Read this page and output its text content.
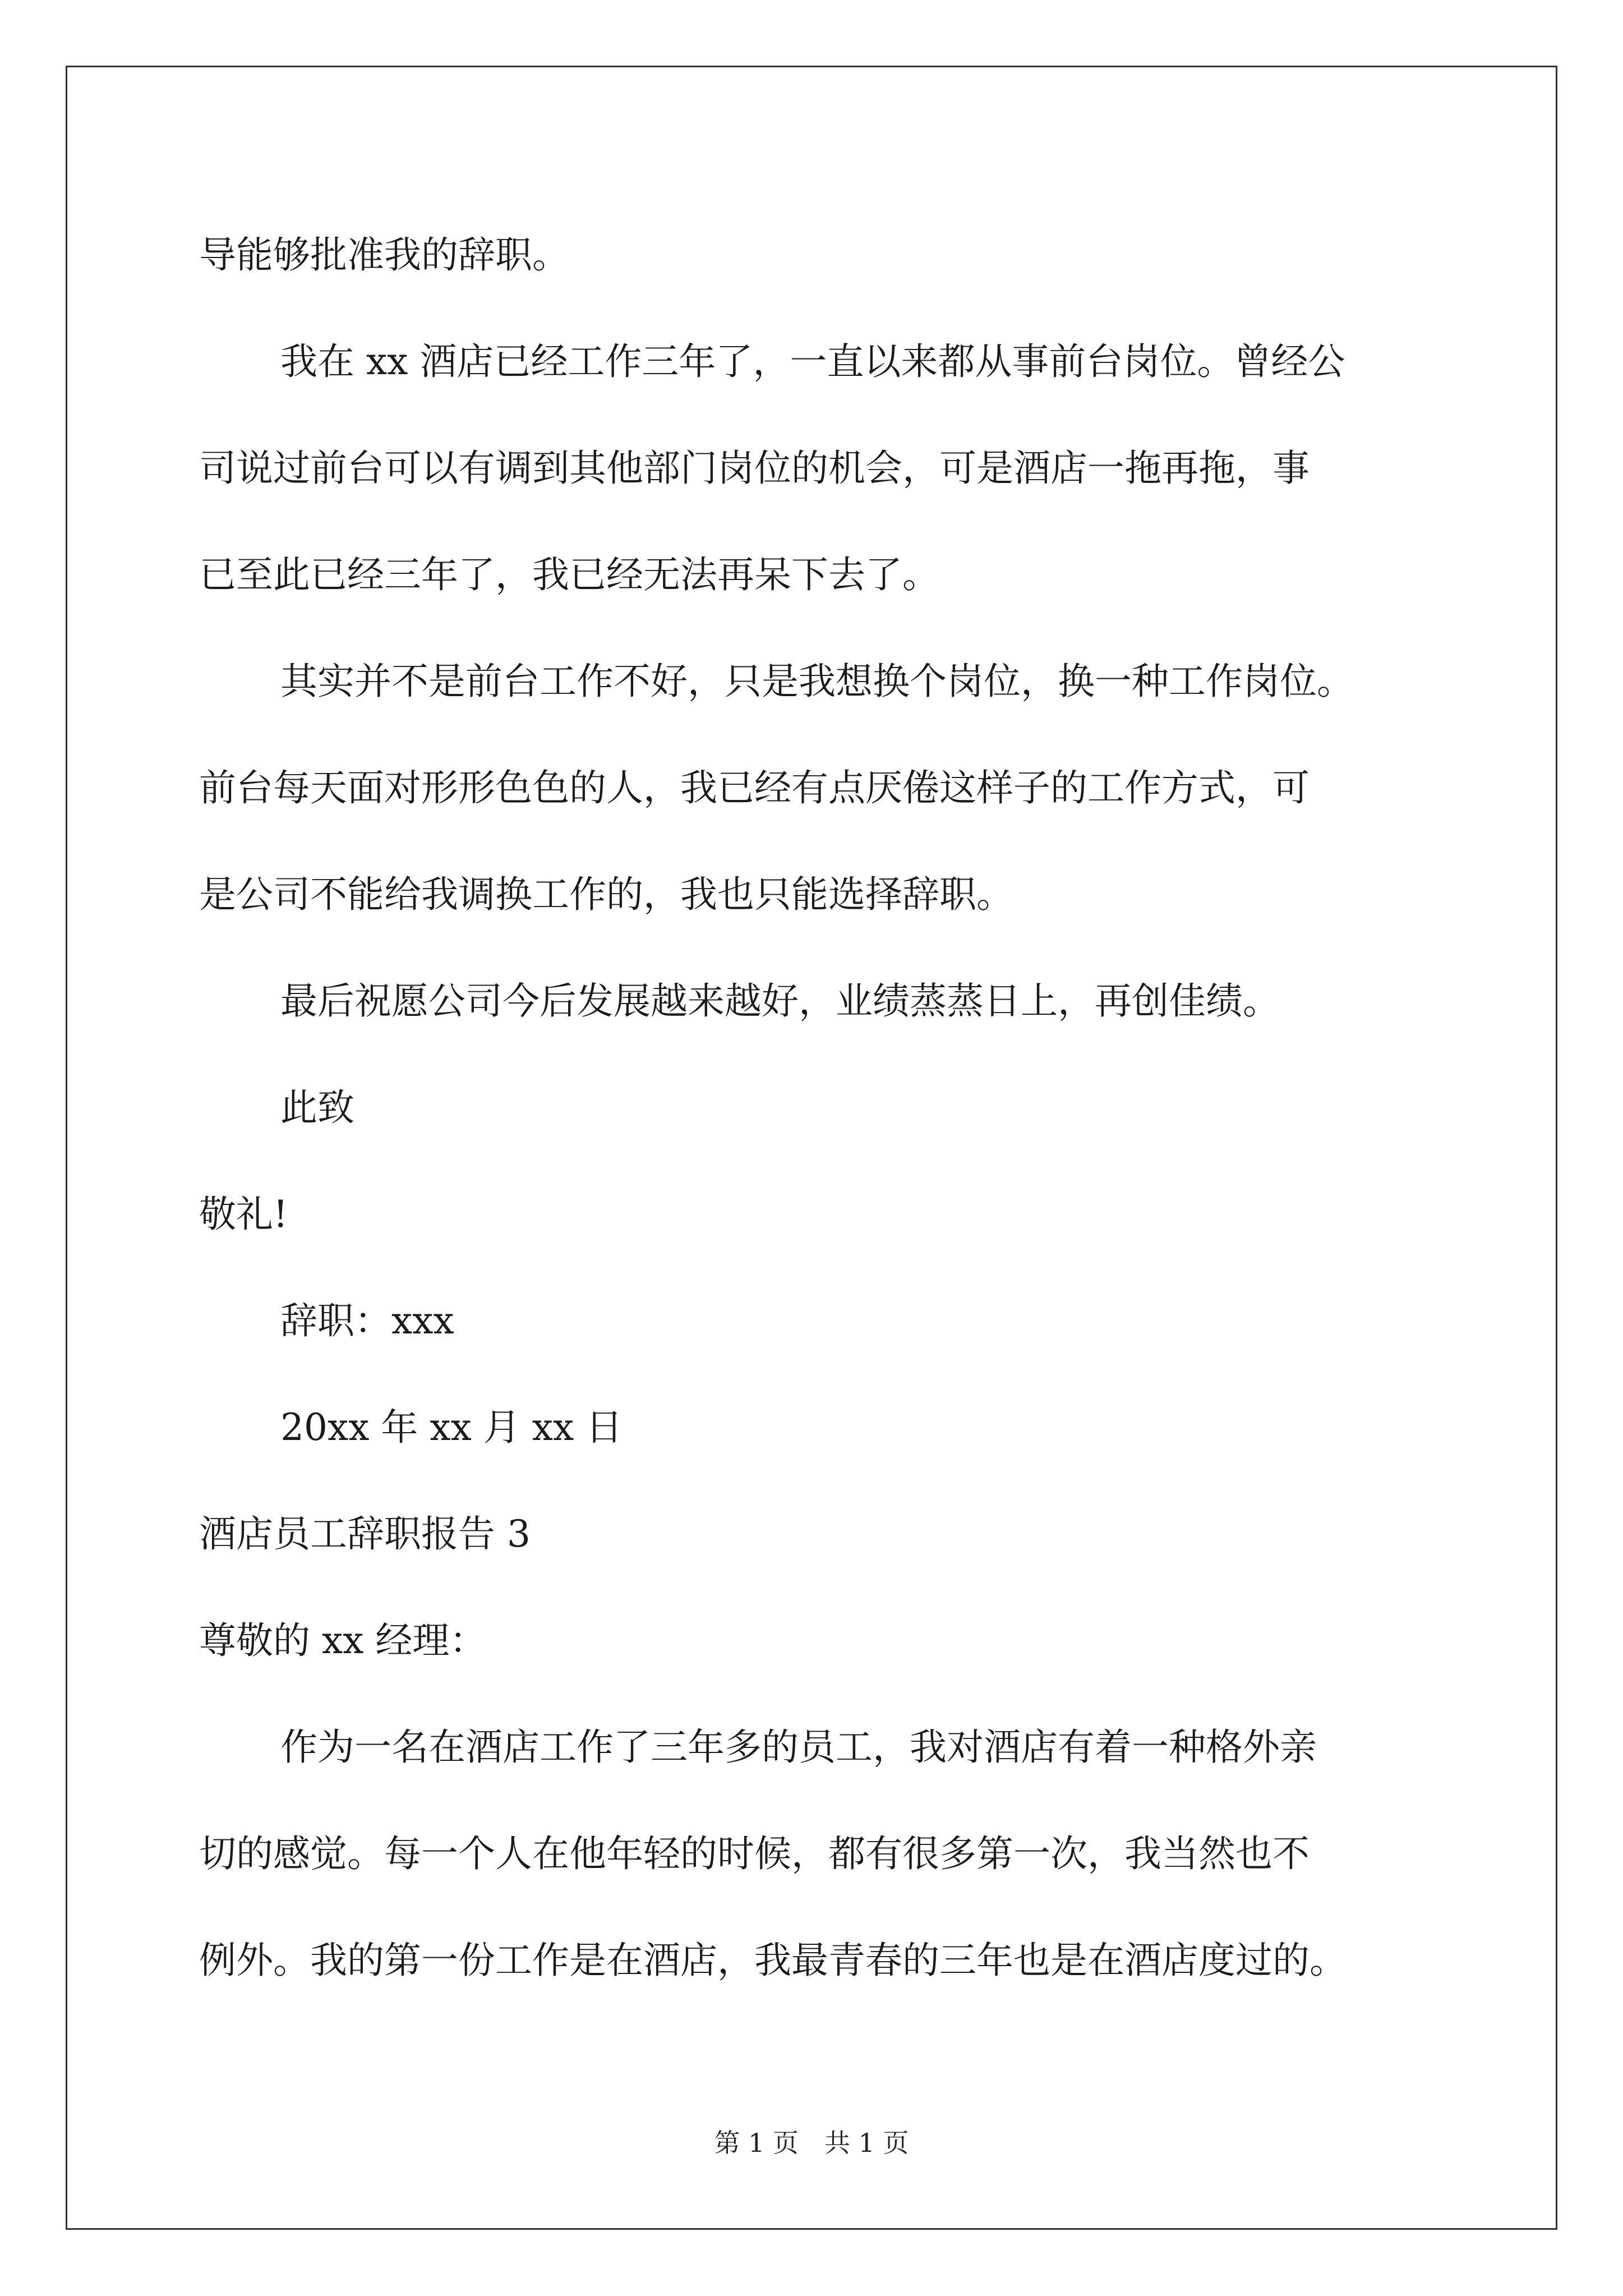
导能够批准我的辞职。
我在 xx 酒店已经工作三年了，一直以来都从事前台岗位。曾经公
司说过前台可以有调到其他部门岗位的机会，可是酒店一拖再拖，事
已至此已经三年了，我已经无法再呆下去了。
其实并不是前台工作不好，只是我想换个岗位，换一种工作岗位。
前台每天面对形形色色的人，我已经有点厌倦这样子的工作方式，可
是公司不能给我调换工作的，我也只能选择辞职。
最后祝愿公司今后发展越来越好，业绩蒸蒸日上，再创佳绩。
此致
敬礼!
辞职：xxx
20xx 年 xx 月 xx 日
酒店员工辞职报告 3
尊敬的 xx 经理：
作为一名在酒店工作了三年多的员工，我对酒店有着一种格外亲
切的感觉。每一个人在他年轻的时候，都有很多第一次，我当然也不
例外。我的第一份工作是在酒店，我最青春的三年也是在酒店度过的。
第 1 页　共 1 页
